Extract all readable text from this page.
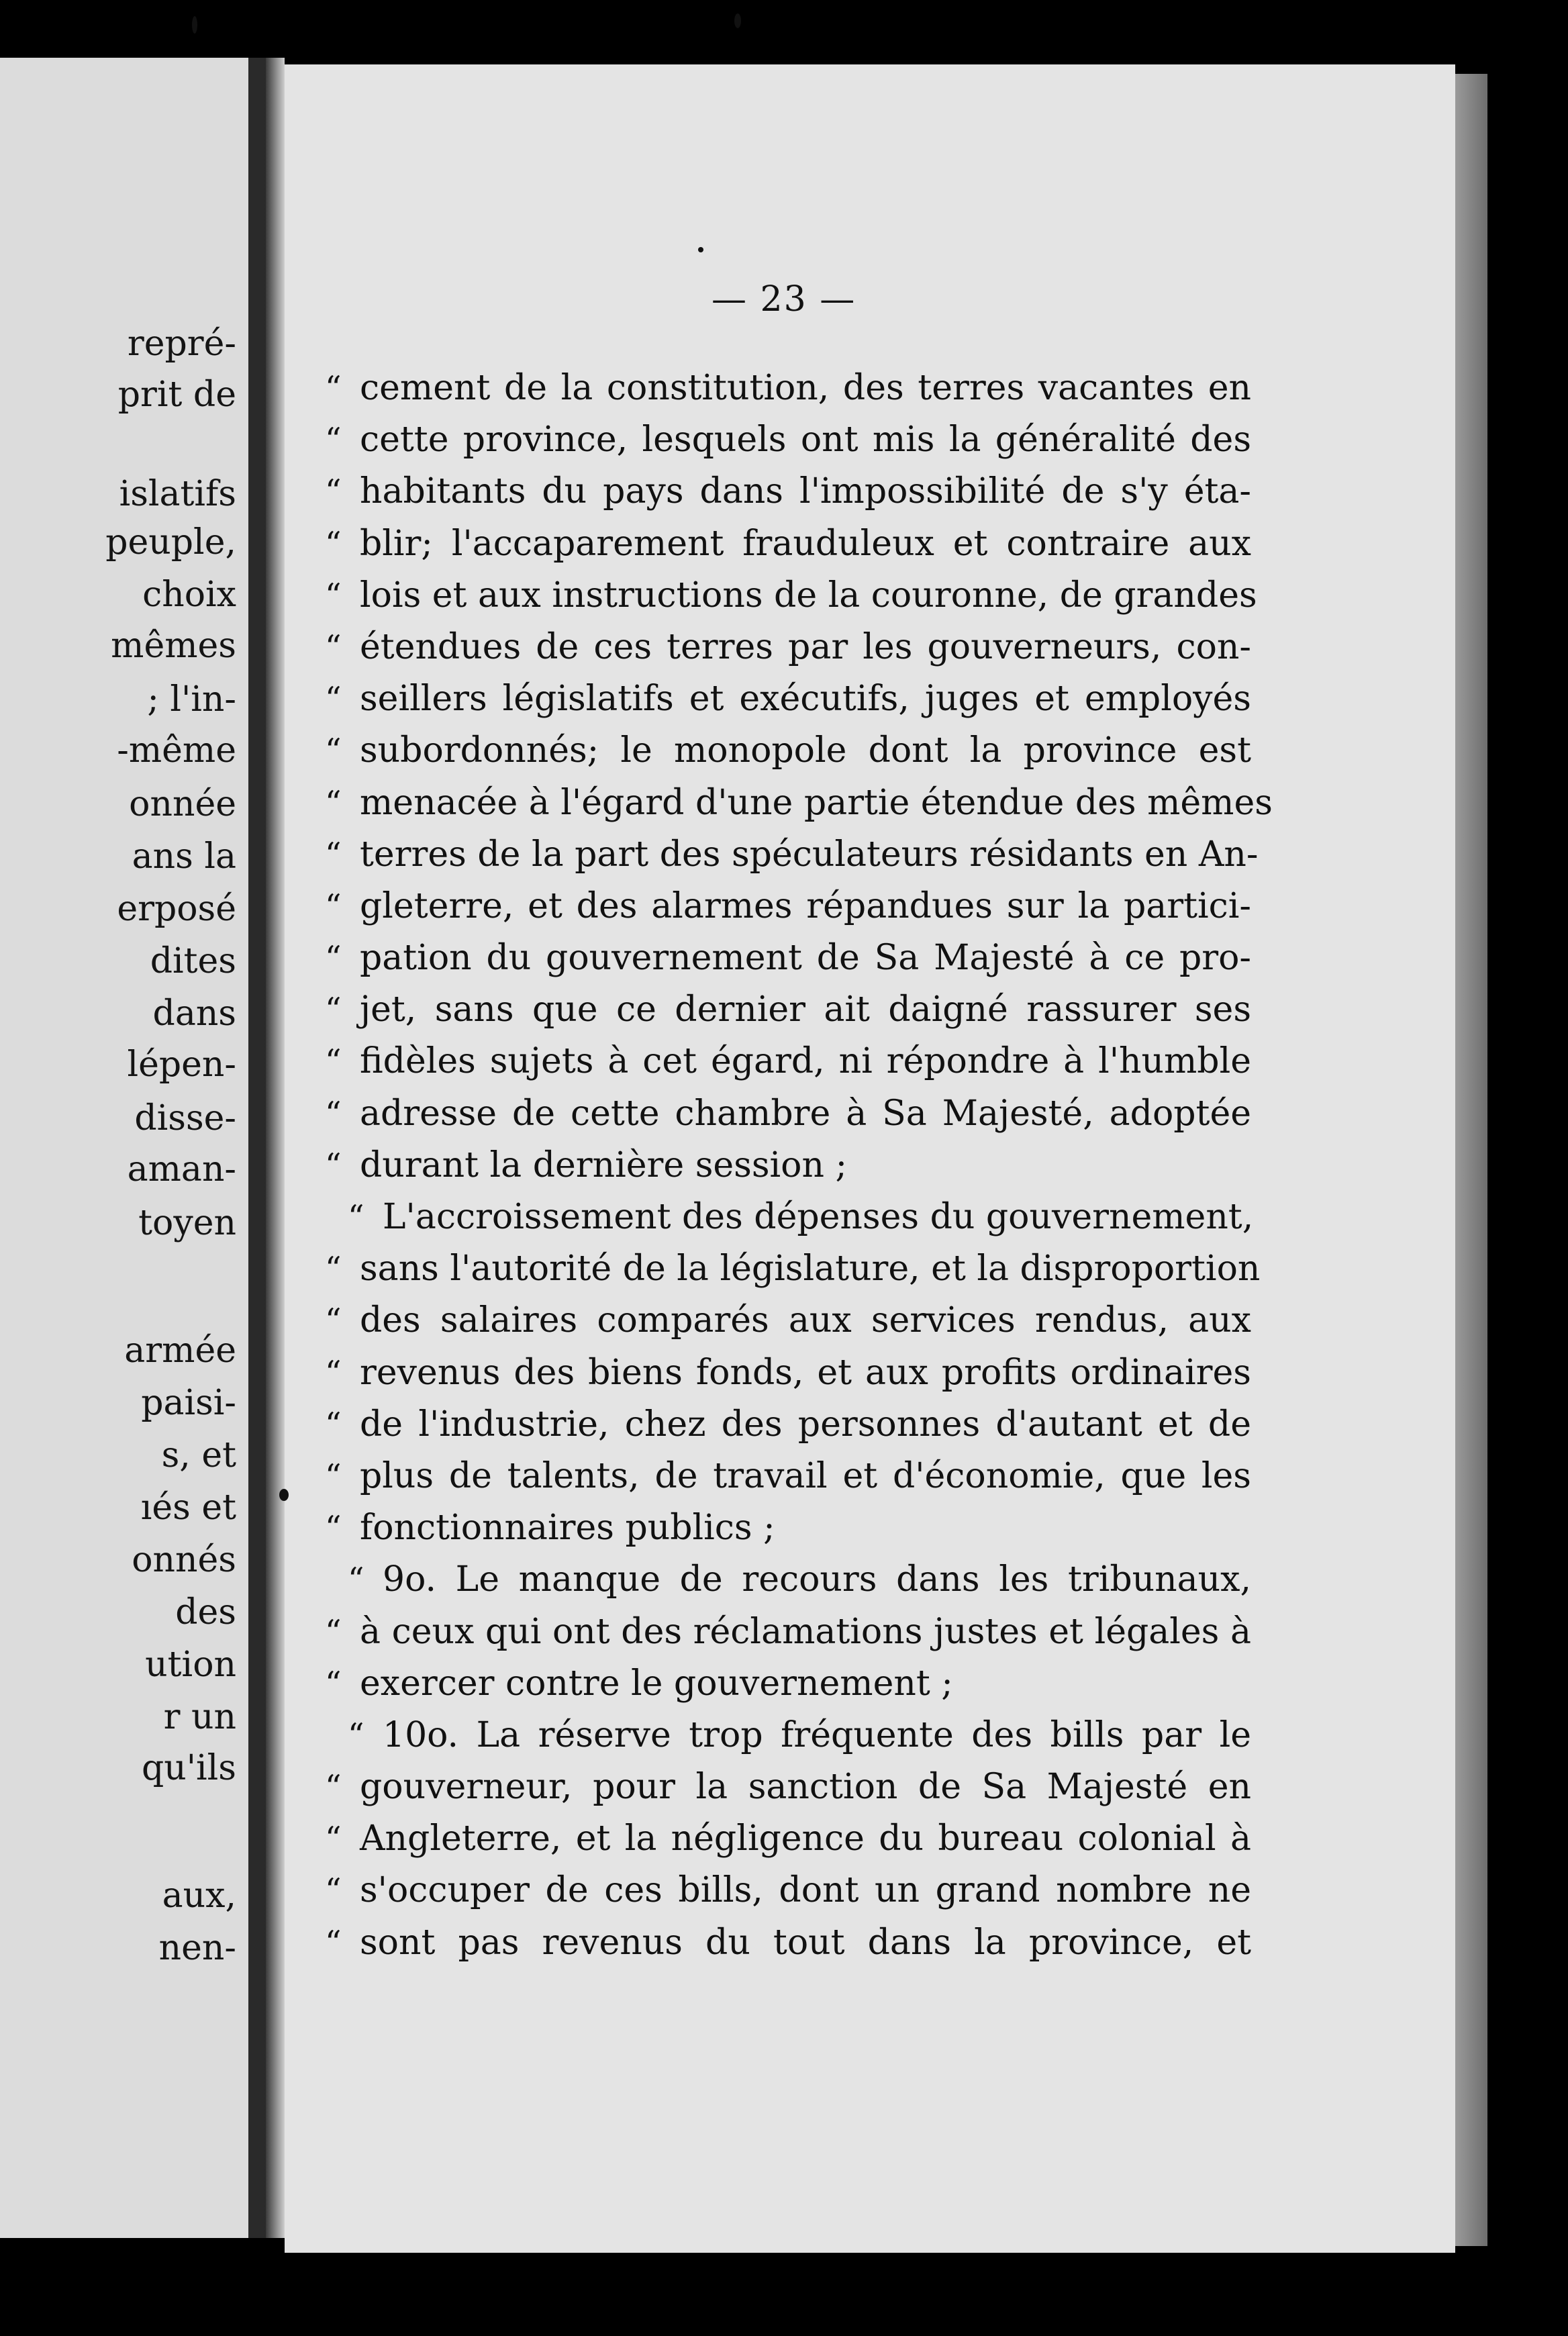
repré-
prit de
islatifs
peuple,
choix
mêmes
; l'in-
-même
onnée
ans la
erposé
dites
dans
lépen-
disse-
aman-
toyen
armée
paisi-
s, et
ıés et
onnés
des
ution
r un
qu'ils
aux,
nen-
— 23 —
“ cement de la constitution, des terres vacantes en
“ cette province, lesquels ont mis la généralité des
“ habitants du pays dans l'impossibilité de s'y éta-
“ blir; l'accaparement frauduleux et contraire aux
“ lois et aux instructions de la couronne, de grandes
“ étendues de ces terres par les gouverneurs, con-
“ seillers législatifs et exécutifs, juges et employés
“ subordonnés; le monopole dont la province est
“ menacée à l'égard d'une partie étendue des mêmes
“ terres de la part des spéculateurs résidants en An-
“ gleterre, et des alarmes répandues sur la partici-
“ pation du gouvernement de Sa Majesté à ce pro-
“ jet, sans que ce dernier ait daigné rassurer ses
“ fidèles sujets à cet égard, ni répondre à l'humble
“ adresse de cette chambre à Sa Majesté, adoptée
“ durant la dernière session ;
“ L'accroissement des dépenses du gouvernement,
“ sans l'autorité de la législature, et la disproportion
“ des salaires comparés aux services rendus, aux
“ revenus des biens fonds, et aux profits ordinaires
“ de l'industrie, chez des personnes d'autant et de
“ plus de talents, de travail et d'économie, que les
“ fonctionnaires publics ;
“ 9o. Le manque de recours dans les tribunaux,
“ à ceux qui ont des réclamations justes et légales à
“ exercer contre le gouvernement ;
“ 10o. La réserve trop fréquente des bills par le
“ gouverneur, pour la sanction de Sa Majesté en
“ Angleterre, et la négligence du bureau colonial à
“ s'occuper de ces bills, dont un grand nombre ne
“ sont pas revenus du tout dans la province, et
